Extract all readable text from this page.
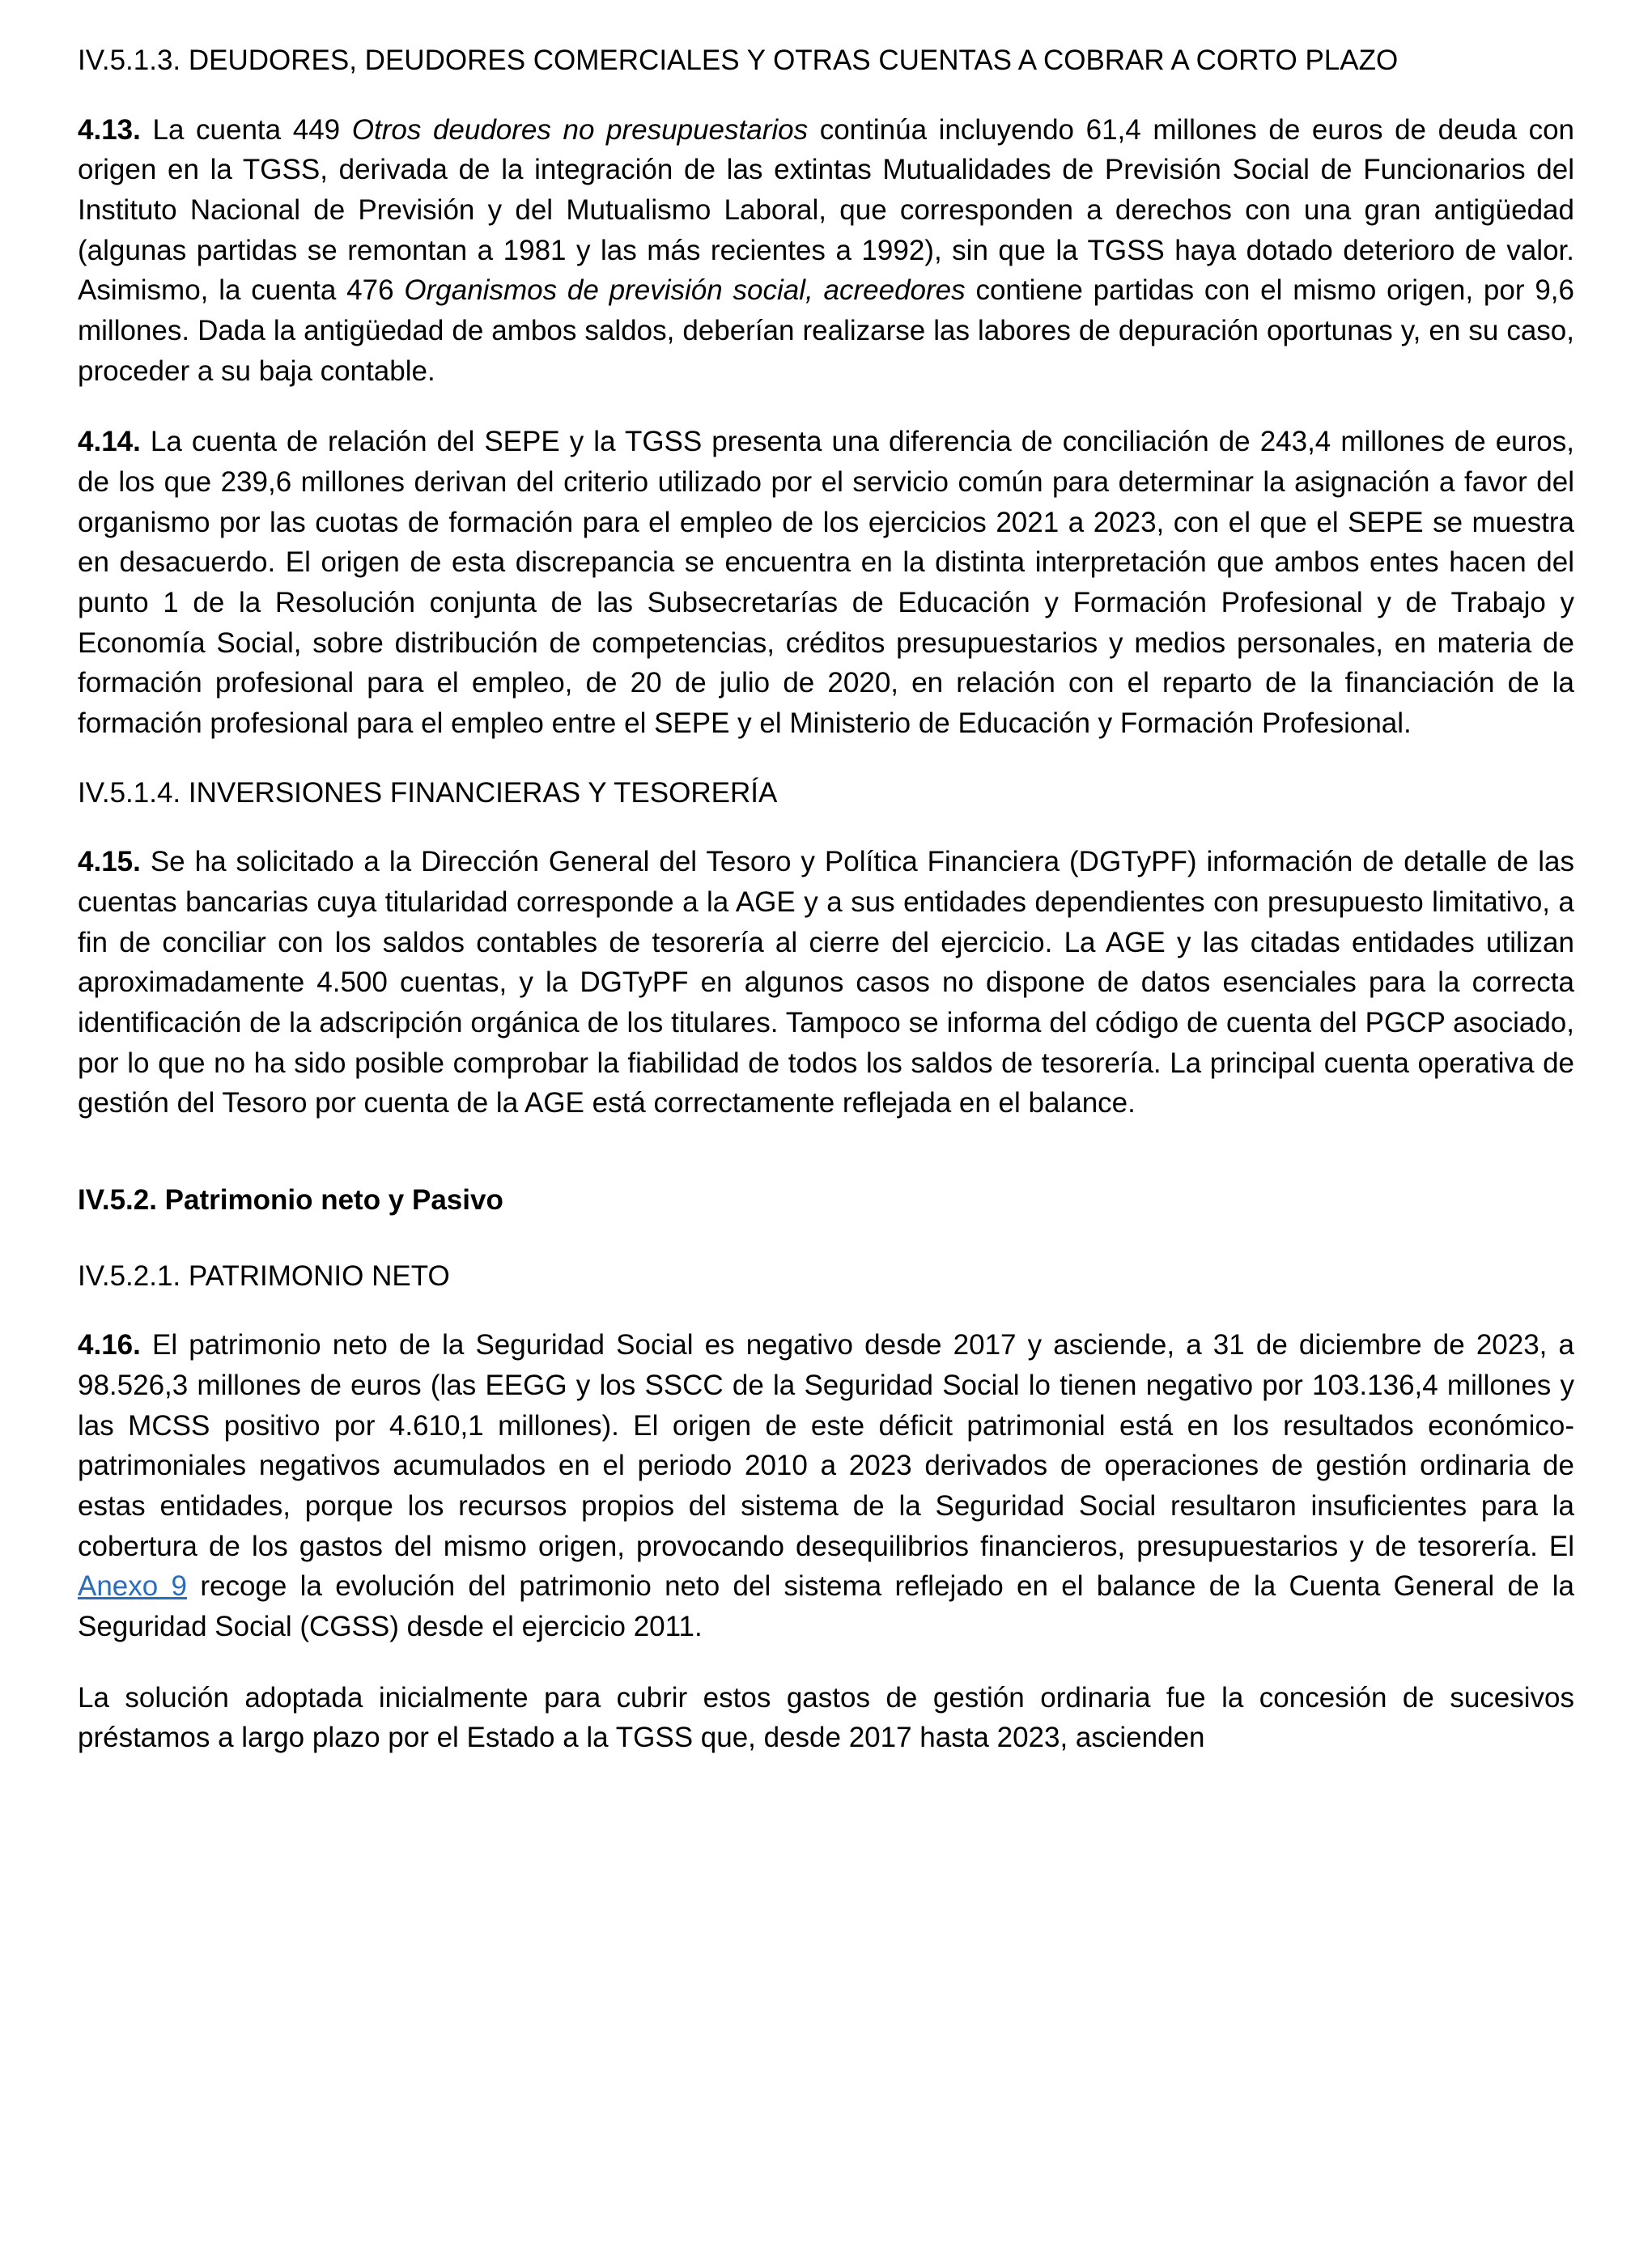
IV.5.1.3. DEUDORES, DEUDORES COMERCIALES Y OTRAS CUENTAS A COBRAR A CORTO PLAZO

4.13. La cuenta 449 Otros deudores no presupuestarios continúa incluyendo 61,4 millones de euros de deuda con origen en la TGSS, derivada de la integración de las extintas Mutualidades de Previsión Social de Funcionarios del Instituto Nacional de Previsión y del Mutualismo Laboral, que corresponden a derechos con una gran antigüedad (algunas partidas se remontan a 1981 y las más recientes a 1992), sin que la TGSS haya dotado deterioro de valor. Asimismo, la cuenta 476 Organismos de previsión social, acreedores contiene partidas con el mismo origen, por 9,6 millones. Dada la antigüedad de ambos saldos, deberían realizarse las labores de depuración oportunas y, en su caso, proceder a su baja contable.

4.14. La cuenta de relación del SEPE y la TGSS presenta una diferencia de conciliación de 243,4 millones de euros, de los que 239,6 millones derivan del criterio utilizado por el servicio común para determinar la asignación a favor del organismo por las cuotas de formación para el empleo de los ejercicios 2021 a 2023, con el que el SEPE se muestra en desacuerdo. El origen de esta discrepancia se encuentra en la distinta interpretación que ambos entes hacen del punto 1 de la Resolución conjunta de las Subsecretarías de Educación y Formación Profesional y de Trabajo y Economía Social, sobre distribución de competencias, créditos presupuestarios y medios personales, en materia de formación profesional para el empleo, de 20 de julio de 2020, en relación con el reparto de la financiación de la formación profesional para el empleo entre el SEPE y el Ministerio de Educación y Formación Profesional.

IV.5.1.4. INVERSIONES FINANCIERAS Y TESORERÍA

4.15. Se ha solicitado a la Dirección General del Tesoro y Política Financiera (DGTyPF) información de detalle de las cuentas bancarias cuya titularidad corresponde a la AGE y a sus entidades dependientes con presupuesto limitativo, a fin de conciliar con los saldos contables de tesorería al cierre del ejercicio. La AGE y las citadas entidades utilizan aproximadamente 4.500 cuentas, y la DGTyPF en algunos casos no dispone de datos esenciales para la correcta identificación de la adscripción orgánica de los titulares. Tampoco se informa del código de cuenta del PGCP asociado, por lo que no ha sido posible comprobar la fiabilidad de todos los saldos de tesorería. La principal cuenta operativa de gestión del Tesoro por cuenta de la AGE está correctamente reflejada en el balance.

IV.5.2. Patrimonio neto y Pasivo
IV.5.2.1. PATRIMONIO NETO

4.16. El patrimonio neto de la Seguridad Social es negativo desde 2017 y asciende, a 31 de diciembre de 2023, a 98.526,3 millones de euros (las EEGG y los SSCC de la Seguridad Social lo tienen negativo por 103.136,4 millones y las MCSS positivo por 4.610,1 millones). El origen de este déficit patrimonial está en los resultados económico-patrimoniales negativos acumulados en el periodo 2010 a 2023 derivados de operaciones de gestión ordinaria de estas entidades, porque los recursos propios del sistema de la Seguridad Social resultaron insuficientes para la cobertura de los gastos del mismo origen, provocando desequilibrios financieros, presupuestarios y de tesorería. El Anexo 9 recoge la evolución del patrimonio neto del sistema reflejado en el balance de la Cuenta General de la Seguridad Social (CGSS) desde el ejercicio 2011.

La solución adoptada inicialmente para cubrir estos gastos de gestión ordinaria fue la concesión de sucesivos préstamos a largo plazo por el Estado a la TGSS que, desde 2017 hasta 2023, ascienden
